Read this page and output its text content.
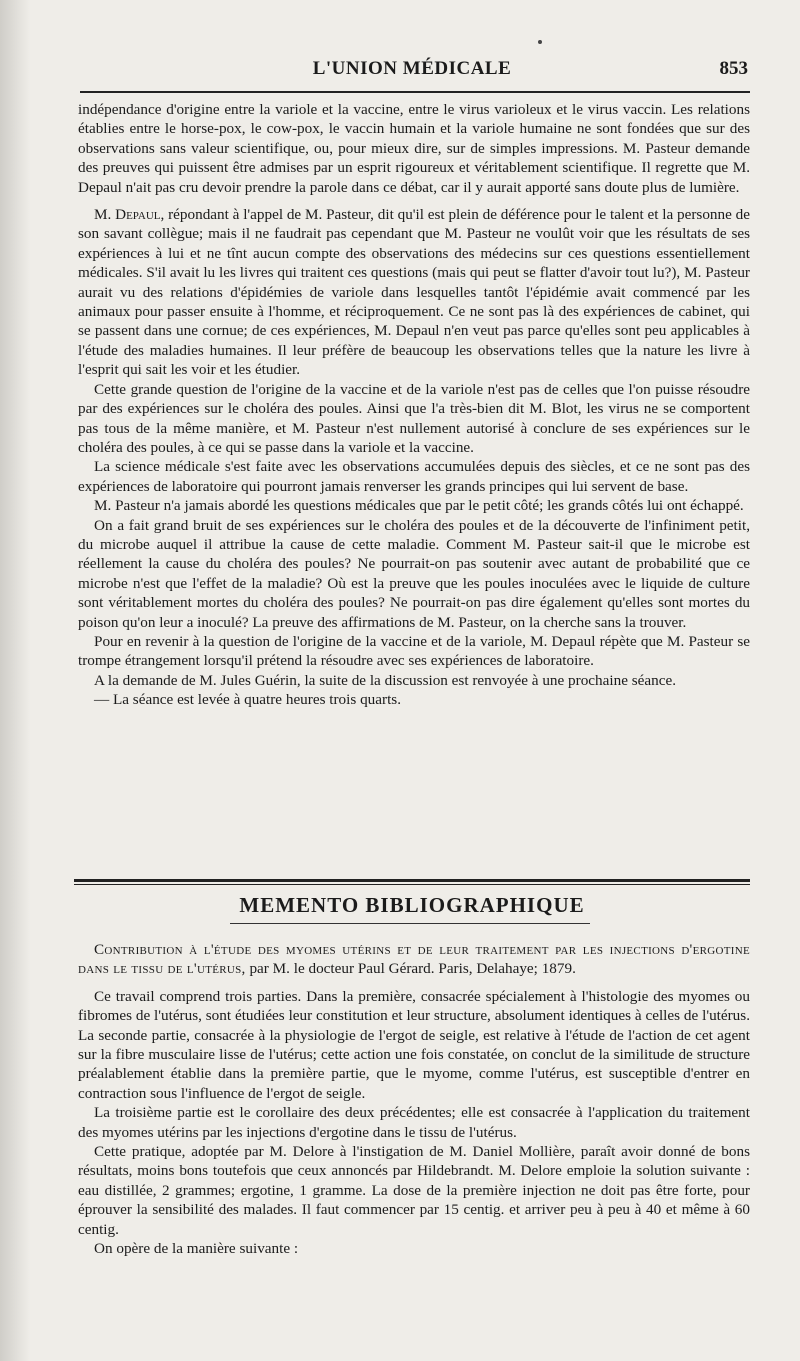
L'UNION MÉDICALE	853

indépendance d'origine entre la variole et la vaccine, entre le virus varioleux et le virus vaccin. Les relations établies entre le horse-pox, le cow-pox, le vaccin humain et la variole humaine ne sont fondées que sur des observations sans valeur scientifique, ou, pour mieux dire, sur de simples impressions. M. Pasteur demande des preuves qui puissent être admises par un esprit rigoureux et véritablement scientifique. Il regrette que M. Depaul n'ait pas cru devoir prendre la parole dans ce débat, car il y aurait apporté sans doute plus de lumière.

M. Depaul, répondant à l'appel de M. Pasteur, dit qu'il est plein de déférence pour le talent et la personne de son savant collègue; mais il ne faudrait pas cependant que M. Pasteur ne voulût voir que les résultats de ses expériences à lui et ne tînt aucun compte des observations des médecins sur ces questions essentiellement médicales. S'il avait lu les livres qui traitent ces questions (mais qui peut se flatter d'avoir tout lu?), M. Pasteur aurait vu des relations d'épidémies de variole dans lesquelles tantôt l'épidémie avait commencé par les animaux pour passer ensuite à l'homme, et réciproquement. Ce ne sont pas là des expériences de cabinet, qui se passent dans une cornue; de ces expériences, M. Depaul n'en veut pas parce qu'elles sont peu applicables à l'étude des maladies humaines. Il leur préfère de beaucoup les observations telles que la nature les livre à l'esprit qui sait les voir et les étudier.

Cette grande question de l'origine de la vaccine et de la variole n'est pas de celles que l'on puisse résoudre par des expériences sur le choléra des poules. Ainsi que l'a très-bien dit M. Blot, les virus ne se comportent pas tous de la même manière, et M. Pasteur n'est nullement autorisé à conclure de ses expériences sur le choléra des poules, à ce qui se passe dans la variole et la vaccine.

La science médicale s'est faite avec les observations accumulées depuis des siècles, et ce ne sont pas des expériences de laboratoire qui pourront jamais renverser les grands principes qui lui servent de base.

M. Pasteur n'a jamais abordé les questions médicales que par le petit côté; les grands côtés lui ont échappé.

On a fait grand bruit de ses expériences sur le choléra des poules et de la découverte de l'infiniment petit, du microbe auquel il attribue la cause de cette maladie. Comment M. Pasteur sait-il que le microbe est réellement la cause du choléra des poules? Ne pourrait-on pas soutenir avec autant de probabilité que ce microbe n'est que l'effet de la maladie? Où est la preuve que les poules inoculées avec le liquide de culture sont véritablement mortes du choléra des poules? Ne pourrait-on pas dire également qu'elles sont mortes du poison qu'on leur a inoculé? La preuve des affirmations de M. Pasteur, on la cherche sans la trouver.

Pour en revenir à la question de l'origine de la vaccine et de la variole, M. Depaul répète que M. Pasteur se trompe étrangement lorsqu'il prétend la résoudre avec ses expériences de laboratoire.

A la demande de M. Jules Guérin, la suite de la discussion est renvoyée à une prochaine séance.

— La séance est levée à quatre heures trois quarts.

MEMENTO BIBLIOGRAPHIQUE

Contribution à l'étude des myomes utérins et de leur traitement par les injections d'ergotine dans le tissu de l'utérus, par M. le docteur Paul Gérard. Paris, Delahaye; 1879.

Ce travail comprend trois parties. Dans la première, consacrée spécialement à l'histologie des myomes ou fibromes de l'utérus, sont étudiées leur constitution et leur structure, absolument identiques à celles de l'utérus. La seconde partie, consacrée à la physiologie de l'ergot de seigle, est relative à l'étude de l'action de cet agent sur la fibre musculaire lisse de l'utérus; cette action une fois constatée, on conclut de la similitude de structure préalablement établie dans la première partie, que le myome, comme l'utérus, est susceptible d'entrer en contraction sous l'influence de l'ergot de seigle.

La troisième partie est le corollaire des deux précédentes; elle est consacrée à l'application du traitement des myomes utérins par les injections d'ergotine dans le tissu de l'utérus.

Cette pratique, adoptée par M. Delore à l'instigation de M. Daniel Mollière, paraît avoir donné de bons résultats, moins bons toutefois que ceux annoncés par Hildebrandt. M. Delore emploie la solution suivante : eau distillée, 2 grammes; ergotine, 1 gramme. La dose de la première injection ne doit pas être forte, pour éprouver la sensibilité des malades. Il faut commencer par 15 centig. et arriver peu à peu à 40 et même à 60 centig.

On opère de la manière suivante :
